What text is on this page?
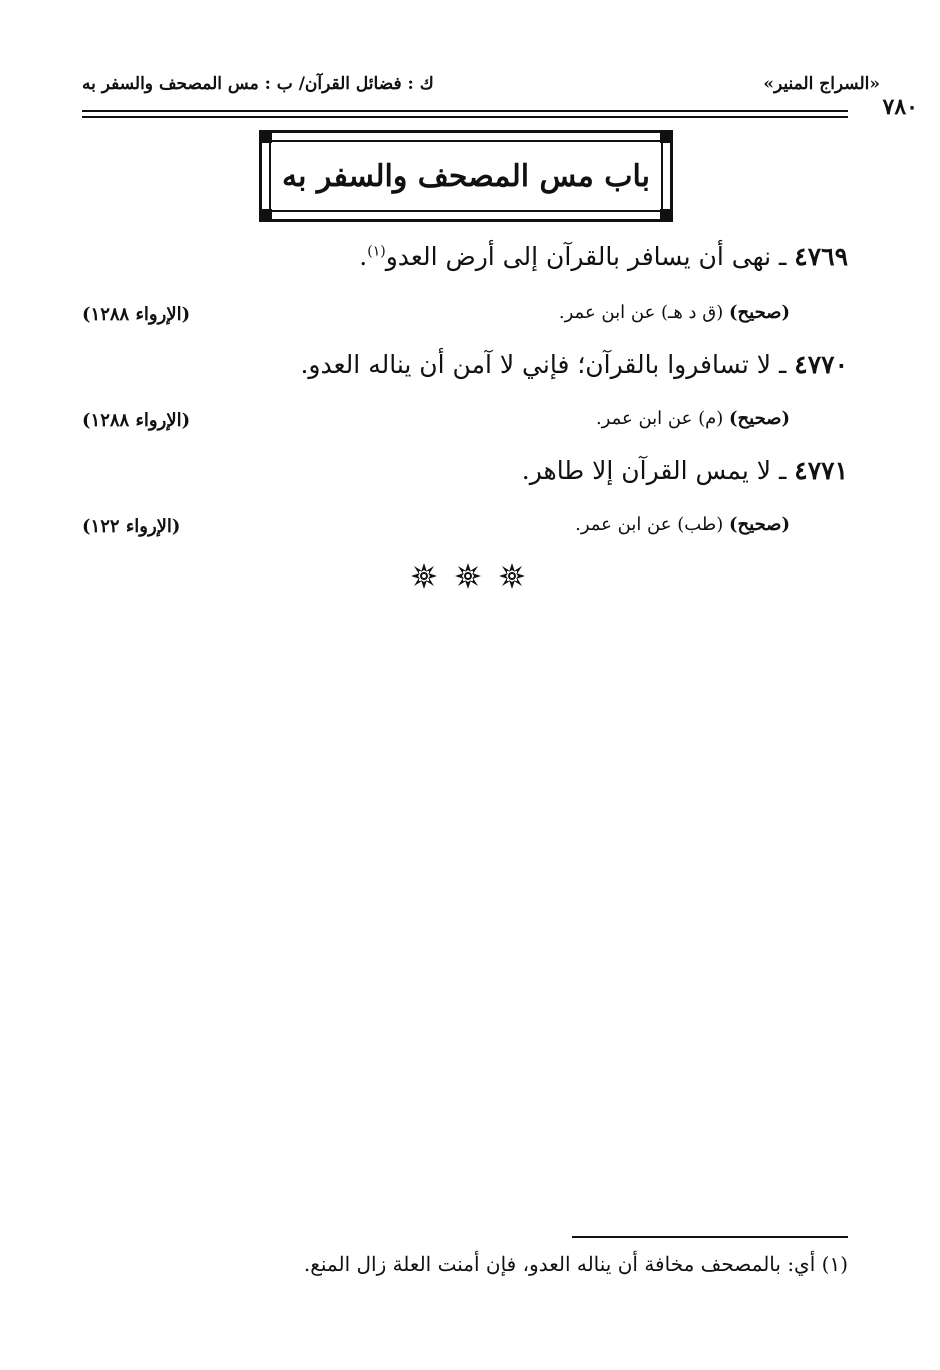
«السراج المنير»
ك : فضائل القرآن/ ب : مس المصحف والسفر به
٧٨٠
باب مس المصحف والسفر به
٤٧٦٩ ـ نهى أن يسافر بالقرآن إلى أرض العدو$^{(١)}$.
(صحيح) (ق د هـ) عن ابن عمر.
(الإرواء ١٢٨٨)
٤٧٧٠ ـ لا تسافروا بالقرآن؛ فإني لا آمن أن يناله العدو.
(صحيح) (م) عن ابن عمر.
(الإرواء ١٢٨٨)
٤٧٧١ ـ لا يمس القرآن إلا طاهر.
(صحيح) (طب) عن ابن عمر.
(الإرواء ١٢٢)
(١) أي: بالمصحف مخافة أن يناله العدو، فإن أمنت العلة زال المنع.
